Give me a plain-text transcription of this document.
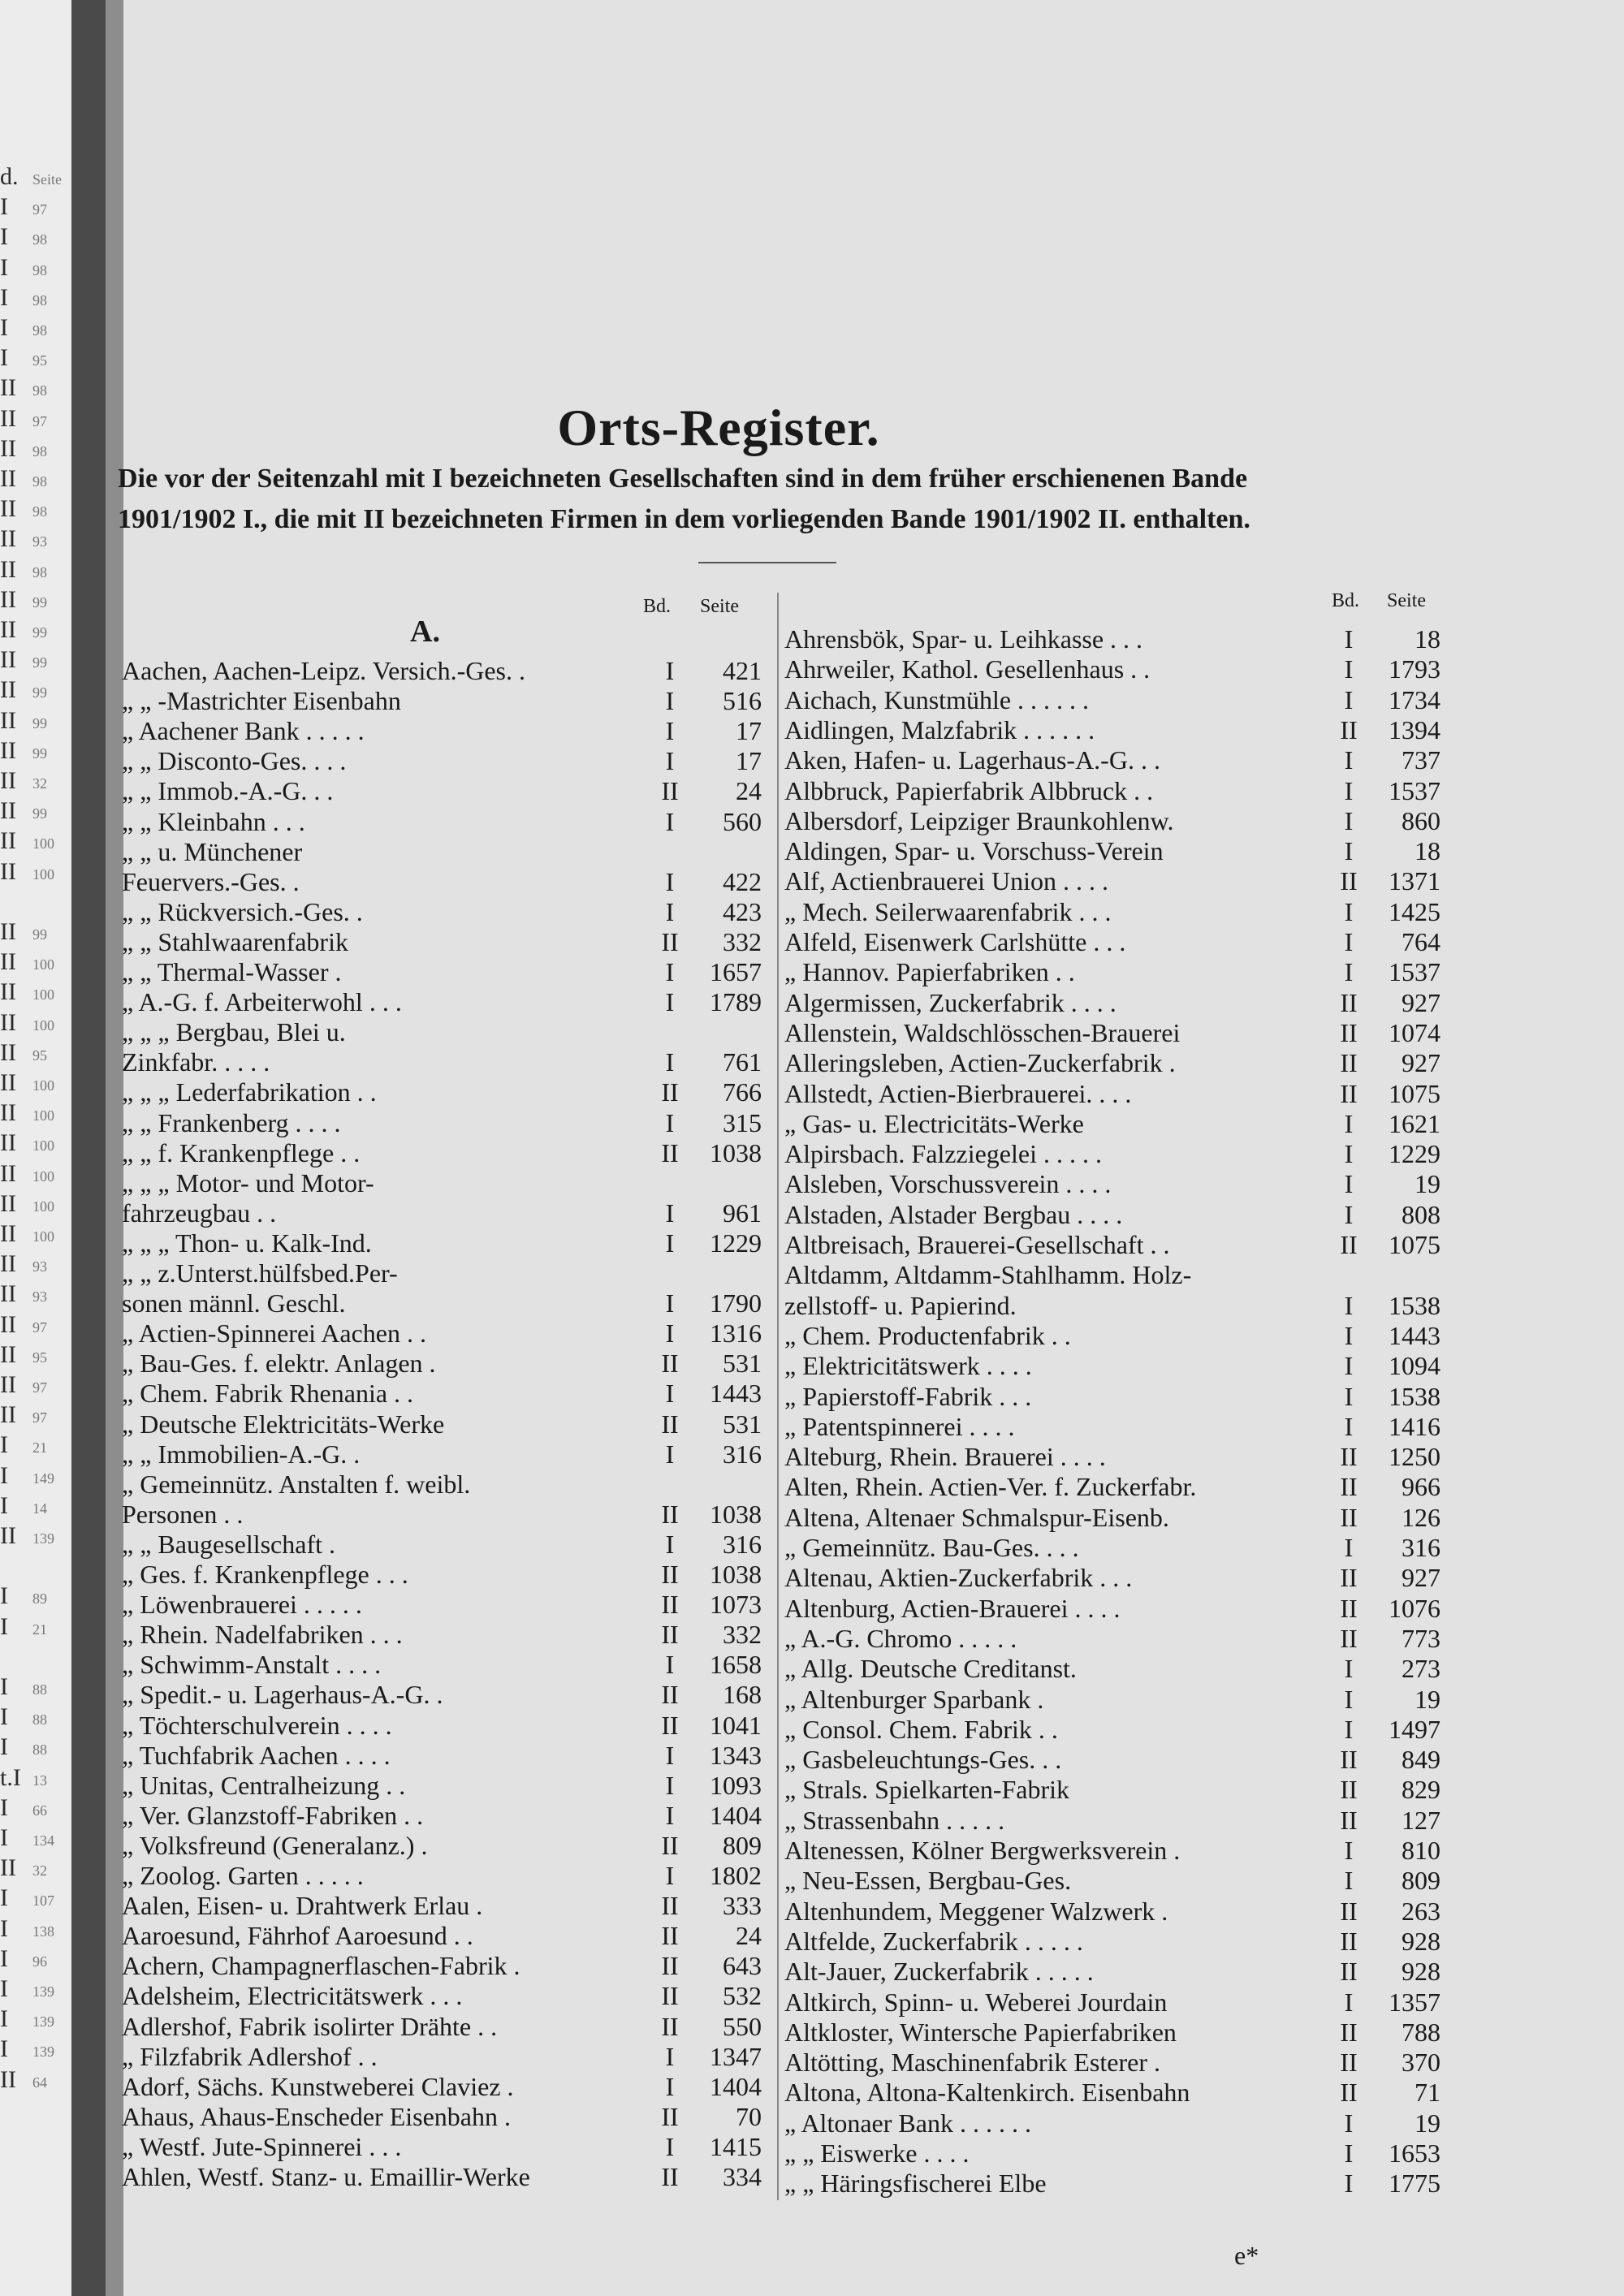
d. Seite
I 97
I 98
I 98
I 98
I 98
I 95
II 98
II 97
II 98
II 98
II 98
II 93
II 98
II 99
II 99
II 99
II 99
II 99
II 99
II 32
II 99
II 100
II 100
II 99
II 100
II 100
II 100
II 95
II 100
II 100
II 100
II 100
II 100
II 100
II 93
II 93
II 97
II 95
II 97
II 97
I 21
I 149
I 14
II 139
I 89
I 21
I 88
I 88
I 88
t.I 13
I 66
I 134
II 32
I 107
I 138
I 96
I 139
I 139
I 139
II 64
Orts-Register.
Die vor der Seitenzahl mit I bezeichneten Gesellschaften sind in dem früher erschienenen Bande
1901/1902 I., die mit II bezeichneten Firmen in dem vorliegenden Bande 1901/1902 II. enthalten.
Bd. Seite	Bd. Seite
A.
Aachen, Aachen-Leipz. Versich.-Ges. .	I	421
„ „ -Mastrichter Eisenbahn	I	516
„ Aachener Bank . . . . .	I	17
„ „ Disconto-Ges. . . .	I	17
„ „ Immob.-A.-G. . .	II	24
„ „ Kleinbahn . . .	I	560
„ „ u. Münchener
Feuervers.-Ges. .	I	422
„ „ Rückversich.-Ges. .	I	423
„ „ Stahlwaarenfabrik	II	332
„ „ Thermal-Wasser .	I	1657
„ A.-G. f. Arbeiterwohl . . .	I	1789
„ „ „ Bergbau, Blei u.
Zinkfabr. . . . .	I	761
„ „ „ Lederfabrikation . .	II	766
„ „ Frankenberg . . . .	I	315
„ „ f. Krankenpflege . .	II	1038
„ „ „ Motor- und Motor-
fahrzeugbau . .	I	961
„ „ „ Thon- u. Kalk-Ind.	I	1229
„ „ z.Unterst.hülfsbed.Per-
sonen männl. Geschl.	I	1790
„ Actien-Spinnerei Aachen . .	I	1316
„ Bau-Ges. f. elektr. Anlagen .	II	531
„ Chem. Fabrik Rhenania . .	I	1443
„ Deutsche Elektricitäts-Werke	II	531
„ „ Immobilien-A.-G. .	I	316
„ Gemeinnütz. Anstalten f. weibl.
Personen . .	II	1038
„ „ Baugesellschaft .	I	316
„ Ges. f. Krankenpflege . . .	II	1038
„ Löwenbrauerei . . . . .	II	1073
„ Rhein. Nadelfabriken . . .	II	332
„ Schwimm-Anstalt . . . .	I	1658
„ Spedit.- u. Lagerhaus-A.-G. .	II	168
„ Töchterschulverein . . . .	II	1041
„ Tuchfabrik Aachen . . . .	I	1343
„ Unitas, Centralheizung . .	I	1093
„ Ver. Glanzstoff-Fabriken . .	I	1404
„ Volksfreund (Generalanz.) .	II	809
„ Zoolog. Garten . . . . .	I	1802
Aalen, Eisen- u. Drahtwerk Erlau .	II	333
Aaroesund, Fährhof Aaroesund . .	II	24
Achern, Champagnerflaschen-Fabrik .	II	643
Adelsheim, Electricitätswerk . . .	II	532
Adlershof, Fabrik isolirter Drähte . .	II	550
„ Filzfabrik Adlershof . .	I	1347
Adorf, Sächs. Kunstweberei Claviez .	I	1404
Ahaus, Ahaus-Enscheder Eisenbahn .	II	70
„ Westf. Jute-Spinnerei . . .	I	1415
Ahlen, Westf. Stanz- u. Emaillir-Werke	II	334
Ahrensbök, Spar- u. Leihkasse . . .	I	18
Ahrweiler, Kathol. Gesellenhaus . .	I	1793
Aichach, Kunstmühle . . . . . .	I	1734
Aidlingen, Malzfabrik . . . . . .	II	1394
Aken, Hafen- u. Lagerhaus-A.-G. . .	I	737
Albbruck, Papierfabrik Albbruck . .	I	1537
Albersdorf, Leipziger Braunkohlenw.	I	860
Aldingen, Spar- u. Vorschuss-Verein	I	18
Alf, Actienbrauerei Union . . . .	II	1371
„ Mech. Seilerwaarenfabrik . . .	I	1425
Alfeld, Eisenwerk Carlshütte . . .	I	764
„ Hannov. Papierfabriken . .	I	1537
Algermissen, Zuckerfabrik . . . .	II	927
Allenstein, Waldschlösschen-Brauerei	II	1074
Alleringsleben, Actien-Zuckerfabrik .	II	927
Allstedt, Actien-Bierbrauerei. . . .	II	1075
„ Gas- u. Electricitäts-Werke	I	1621
Alpirsbach. Falzziegelei . . . . .	I	1229
Alsleben, Vorschussverein . . . .	I	19
Alstaden, Alstader Bergbau . . . .	I	808
Altbreisach, Brauerei-Gesellschaft . .	II	1075
Altdamm, Altdamm-Stahlhamm. Holz-
zellstoff- u. Papierind.	I	1538
„ Chem. Productenfabrik . .	I	1443
„ Elektricitätswerk . . . .	I	1094
„ Papierstoff-Fabrik . . .	I	1538
„ Patentspinnerei . . . .	I	1416
Alteburg, Rhein. Brauerei . . . .	II	1250
Alten, Rhein. Actien-Ver. f. Zuckerfabr.	II	966
Altena, Altenaer Schmalspur-Eisenb.	II	126
„ Gemeinnütz. Bau-Ges. . . .	I	316
Altenau, Aktien-Zuckerfabrik . . .	II	927
Altenburg, Actien-Brauerei . . . .	II	1076
„ A.-G. Chromo . . . . .	II	773
„ Allg. Deutsche Creditanst.	I	273
„ Altenburger Sparbank .	I	19
„ Consol. Chem. Fabrik . .	I	1497
„ Gasbeleuchtungs-Ges. . .	II	849
„ Strals. Spielkarten-Fabrik	II	829
„ Strassenbahn . . . . .	II	127
Altenessen, Kölner Bergwerksverein .	I	810
„ Neu-Essen, Bergbau-Ges.	I	809
Altenhundem, Meggener Walzwerk .	II	263
Altfelde, Zuckerfabrik . . . . .	II	928
Alt-Jauer, Zuckerfabrik . . . . .	II	928
Altkirch, Spinn- u. Weberei Jourdain	I	1357
Altkloster, Wintersche Papierfabriken	II	788
Altötting, Maschinenfabrik Esterer .	II	370
Altona, Altona-Kaltenkirch. Eisenbahn	II	71
„ Altonaer Bank . . . . . .	I	19
„ „ Eiswerke . . . .	I	1653
„ „ Häringsfischerei Elbe	I	1775
e*
